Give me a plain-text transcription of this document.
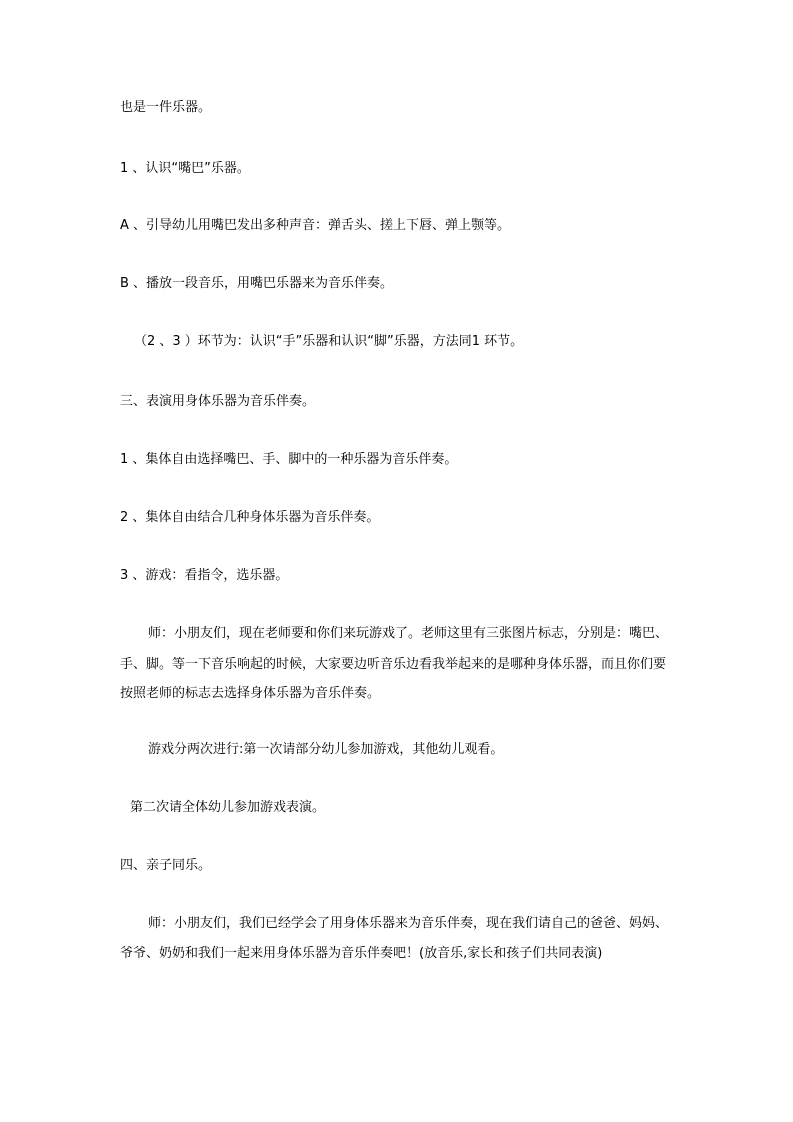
也是一件乐器。
1 、认识“嘴巴”乐器。
A 、引导幼儿用嘴巴发出多种声音：弹舌头、搓上下唇、弹上颚等。
B 、播放一段音乐，用嘴巴乐器来为音乐伴奏。
（2 、3 ）环节为：认识“手”乐器和认识“脚”乐器，方法同1 环节。
三、表演用身体乐器为音乐伴奏。
1 、集体自由选择嘴巴、手、脚中的一种乐器为音乐伴奏。
2 、集体自由结合几种身体乐器为音乐伴奏。
3 、游戏：看指令，选乐器。
师：小朋友们，现在老师要和你们来玩游戏了。老师这里有三张图片标志，分别是：嘴巴、
手、脚。等一下音乐响起的时候，大家要边听音乐边看我举起来的是哪种身体乐器，而且你们要
按照老师的标志去选择身体乐器为音乐伴奏。
游戏分两次进行:第一次请部分幼儿参加游戏，其他幼儿观看。
第二次请全体幼儿参加游戏表演。
四、亲子同乐。
师：小朋友们，我们已经学会了用身体乐器来为音乐伴奏，现在我们请自己的爸爸、妈妈、
爷爷、奶奶和我们一起来用身体乐器为音乐伴奏吧！(放音乐,家长和孩子们共同表演)
